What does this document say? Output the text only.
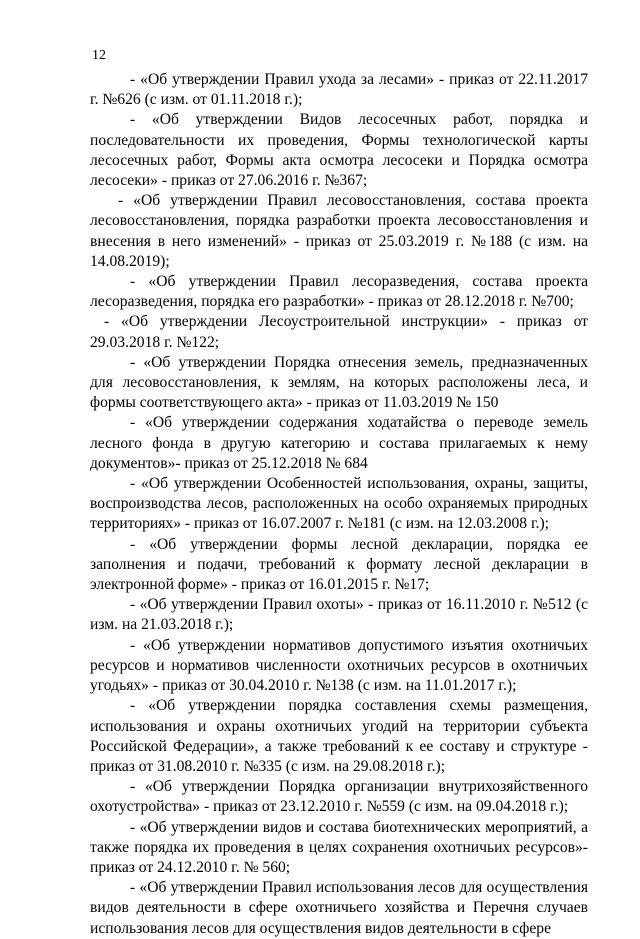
12

- «Об утверждении Правил ухода за лесами» - приказ от 22.11.2017 г. №626 (с изм. от 01.11.2018 г.);

- «Об утверждении Видов лесосечных работ, порядка и последовательности их проведения, Формы технологической карты лесосечных работ, Формы акта осмотра лесосеки и Порядка осмотра лесосеки» - приказ от 27.06.2016 г. №367;

- «Об утверждении Правил лесовосстановления, состава проекта лесовосстановления, порядка разработки проекта лесовосстановления и внесения в него изменений» - приказ от 25.03.2019 г. №188 (с изм. на 14.08.2019);

- «Об утверждении Правил лесоразведения, состава проекта лесоразведения, порядка его разработки» - приказ от 28.12.2018 г. №700;

- «Об утверждении Лесоустроительной инструкции» - приказ от 29.03.2018 г. №122;

- «Об утверждении Порядка отнесения земель, предназначенных для лесовосстановления, к землям, на которых расположены леса, и формы соответствующего акта» - приказ от 11.03.2019 № 150

- «Об утверждении содержания ходатайства о переводе земель лесного фонда в другую категорию и состава прилагаемых к нему документов»- приказ от 25.12.2018 № 684

- «Об утверждении Особенностей использования, охраны, защиты, воспроизводства лесов, расположенных на особо охраняемых природных территориях» - приказ от 16.07.2007 г. №181 (с изм. на 12.03.2008 г.);

- «Об утверждении формы лесной декларации, порядка ее заполнения и подачи, требований к формату лесной декларации в электронной форме» - приказ от 16.01.2015 г. №17;

- «Об утверждении Правил охоты» - приказ от 16.11.2010 г. №512 (с изм. на 21.03.2018 г.);

- «Об утверждении нормативов допустимого изъятия охотничьих ресурсов и нормативов численности охотничьих ресурсов в охотничьих угодьях» - приказ от 30.04.2010 г. №138 (с изм. на 11.01.2017 г.);

- «Об утверждении порядка составления схемы размещения, использования и охраны охотничьих угодий на территории субъекта Российской Федерации», а также требований к ее составу и структуре - приказ от 31.08.2010 г. №335 (с изм. на 29.08.2018 г.);

- «Об утверждении Порядка организации внутрихозяйственного охотустройства» - приказ от 23.12.2010 г. №559 (с изм. на 09.04.2018 г.);

- «Об утверждении видов и состава биотехнических мероприятий, а также порядка их проведения в целях сохранения охотничьих ресурсов»- приказ от 24.12.2010 г. № 560;

- «Об утверждении Правил использования лесов для осуществления видов деятельности в сфере охотничьего хозяйства и Перечня случаев использования лесов для осуществления видов деятельности в сфере
